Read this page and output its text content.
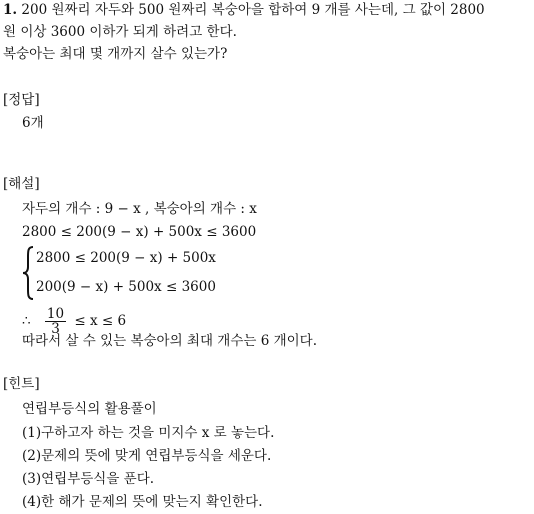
1. 200 원짜리 자두와 500 원짜리 복숭아을 합하여 9 개를 사는데, 그 값이 2800
원 이상 3600 이하가 되게 하려고 한다.
복숭아는 최대 몇 개까지 살수 있는가?
[정답]
6개
[해설]
자두의 개수 : 9 − x , 복숭아의 개수 : x
2800 ≤ 200(9 − x) + 500x ≤ 3600
2800 ≤ 200(9 − x) + 500x
200(9 − x) + 500x ≤ 3600
∴ $\frac{10}{3} \le x \le 6$
따라서 살 수 있는 복숭아의 최대 개수는 6 개이다.
[힌트]
연립부등식의 활용풀이
(1)구하고자 하는 것을 미지수 x 로 놓는다.
(2)문제의 뜻에 맞게 연립부등식을 세운다.
(3)연립부등식을 푼다.
(4)한 해가 문제의 뜻에 맞는지 확인한다.
